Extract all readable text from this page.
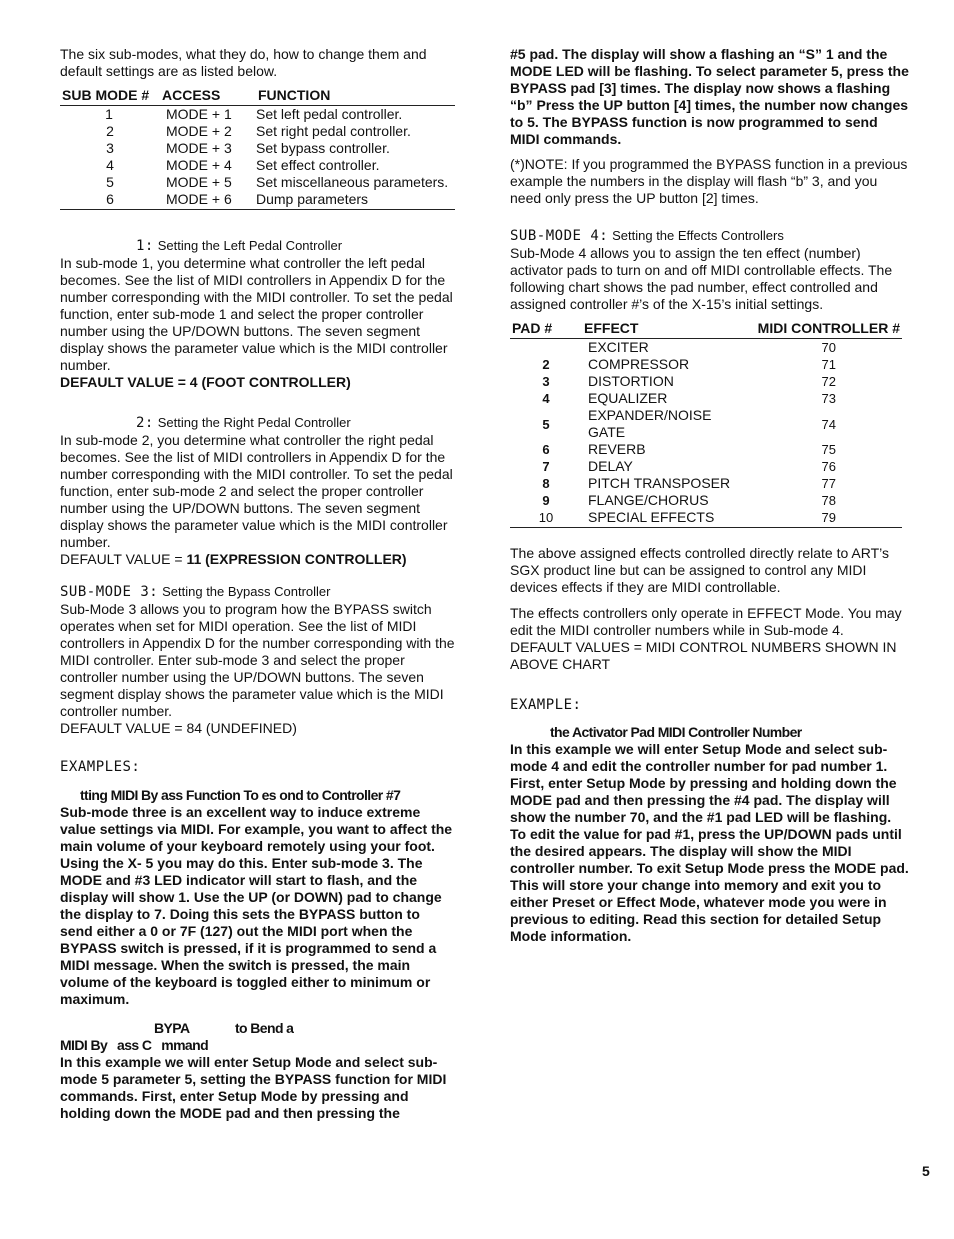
The six sub-modes, what they do, how to change them and default settings are as listed below.

SUB MODE #	ACCESS	FUNCTION
1	MODE + 1	Set left pedal controller.
2	MODE + 2	Set right pedal controller.
3	MODE + 3	Set bypass controller.
4	MODE + 4	Set effect controller.
5	MODE + 5	Set miscellaneous parameters.
6	MODE + 6	Dump parameters

1: Setting the Left Pedal Controller

In sub-mode 1, you determine what controller the left pedal becomes. See the list of MIDI controllers in Appendix D for the number corresponding with the MIDI controller. To set the pedal function, enter sub-mode 1 and select the proper controller number using the UP/DOWN buttons. The seven segment display shows the parameter value which is the MIDI controller number.

DEFAULT VALUE = 4 (FOOT CONTROLLER)

2: Setting the Right Pedal Controller

In sub-mode 2, you determine what controller the right pedal becomes. See the list of MIDI controllers in Appendix D for the number corresponding with the MIDI controller. To set the pedal function, enter sub-mode 2 and select the proper controller number using the UP/DOWN buttons. The seven segment display shows the parameter value which is the MIDI controller number.

DEFAULT VALUE = 11 (EXPRESSION CONTROLLER)

SUB-MODE 3: Setting the Bypass Controller

Sub-Mode 3 allows you to program how the BYPASS switch operates when set for MIDI operation. See the list of MIDI controllers in Appendix D for the number corresponding with the MIDI controller. Enter sub-mode 3 and select the proper controller number using the UP/DOWN buttons. The seven segment display shows the parameter value which is the MIDI controller number.

DEFAULT VALUE = 84 (UNDEFINED)

EXAMPLES:

tting MIDI By ass Function To es ond to Controller #7

Sub-mode three is an excellent way to induce extreme value settings via MIDI. For example, you want to affect the main volume of your keyboard remotely using your foot. Using the X- 5 you may do this. Enter sub-mode 3. The MODE and #3 LED indicator will start to flash, and the display will show 1. Use the UP (or DOWN) pad to change the display to 7. Doing this sets the BYPASS button to send either a 0 or 7F (127) out the MIDI port when the BYPASS switch is pressed, if it is programmed to send a MIDI message. When the switch is pressed, the main volume of the keyboard is toggled either to minimum or maximum.

BYPA              to Bend a

MIDI By   ass C   mmand

In this example we will enter Setup Mode and select sub-mode 5 parameter 5, setting the BYPASS function for MIDI commands. First, enter Setup Mode by pressing and holding down the MODE pad and then pressing the

#5 pad. The display will show a flashing an “S” 1 and the MODE LED will be flashing. To select parameter 5, press the BYPASS pad [3] times. The display now shows a flashing “b” Press the UP button [4] times, the number now changes to 5. The BYPASS function is now programmed to send MIDI commands.

(*)NOTE: If you programmed the BYPASS function in a previous example the numbers in the display will flash “b” 3, and you need only press the UP button [2] times.

SUB-MODE 4: Setting the Effects Controllers

Sub-Mode 4 allows you to assign the ten effect (number) activator pads to turn on and off MIDI controllable effects. The following chart shows the pad number, effect controlled and assigned controller #’s of the X-15’s initial settings.

PAD #	EFFECT	MIDI CONTROLLER #
	EXCITER	70
2	COMPRESSOR	71
3	DISTORTION	72
4	EQUALIZER	73
5	EXPANDER/NOISE GATE	74
6	REVERB	75
7	DELAY	76
8	PITCH TRANSPOSER	77
9	FLANGE/CHORUS	78
10	SPECIAL EFFECTS	79

The above assigned effects controlled directly relate to ART’s SGX product line but can be assigned to control any MIDI devices effects if they are MIDI controllable.

The effects controllers only operate in EFFECT Mode. You may edit the MIDI controller numbers while in Sub-mode 4.

DEFAULT VALUES = MIDI CONTROL NUMBERS SHOWN IN ABOVE CHART

EXAMPLE:

the Activator Pad MIDI Controller Number

In this example we will enter Setup Mode and select sub-mode 4 and edit the controller number for pad number 1. First, enter Setup Mode by pressing and holding down the MODE pad and then pressing the #4 pad. The display will show the number 70, and the #1 pad LED will be flashing. To edit the value for pad #1, press the UP/DOWN pads until the desired appears. The display will show the MIDI controller number. To exit Setup Mode press the MODE pad. This will store your change into memory and exit you to either Preset or Effect Mode, whatever mode you were in previous to editing. Read this section for detailed Setup Mode information.

5
